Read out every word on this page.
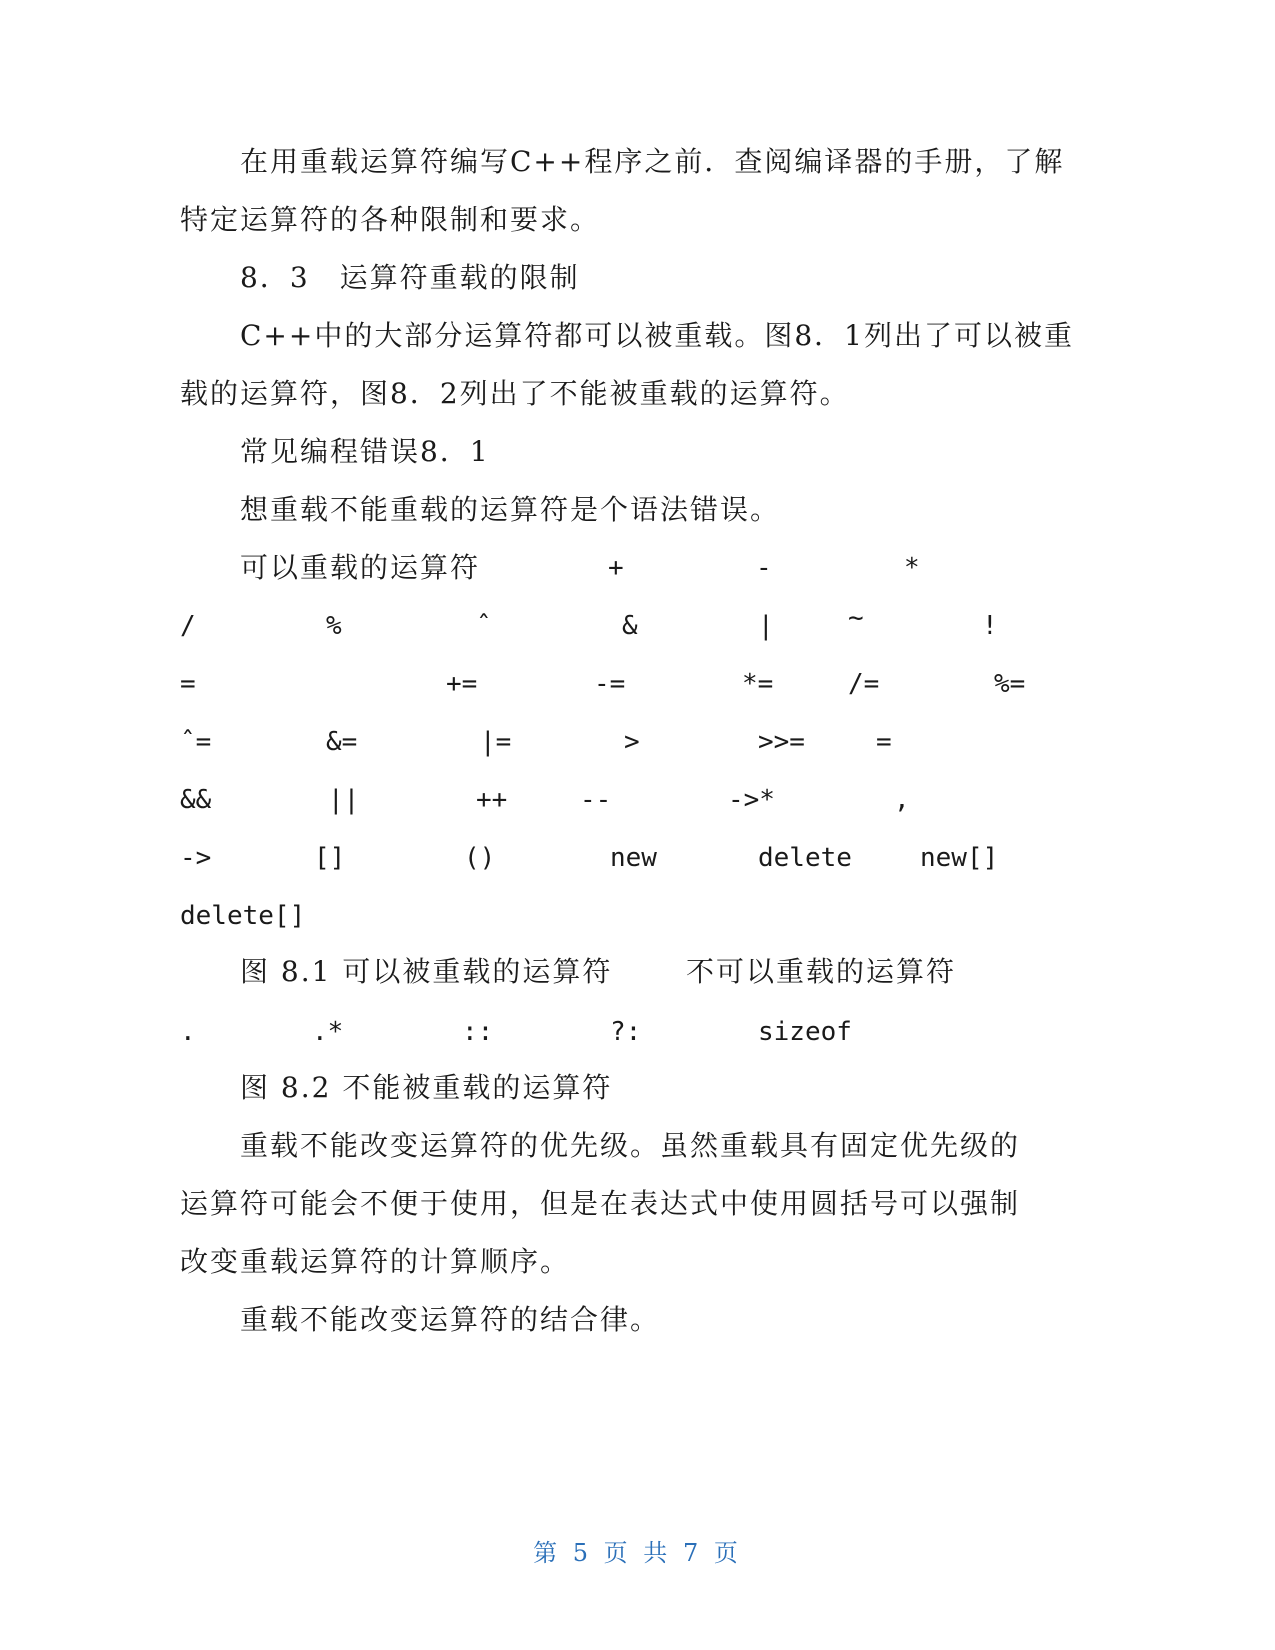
在用重载运算符编写C++程序之前．查阅编译器的手册，了解
特定运算符的各种限制和要求。
8．3　运算符重载的限制
C++中的大部分运算符都可以被重载。图8．1列出了可以被重
载的运算符，图8．2列出了不能被重载的运算符。
常见编程错误8．1
想重载不能重载的运算符是个语法错误。
可以重载的运算符	+	-	*
/	%	ˆ	&	|	~	!
=	+=	-=	*=	/=	%=
ˆ=	&=	|=	>	>>=	=
&&	||	++	--	->*	,
->	[]	()	new	delete	new[]
delete[]
图 8.1 可以被重载的运算符	不可以重载的运算符
.	.*	::	?:	sizeof
图 8.2 不能被重载的运算符
重载不能改变运算符的优先级。虽然重载具有固定优先级的
运算符可能会不便于使用，但是在表达式中使用圆括号可以强制
改变重载运算符的计算顺序。
重载不能改变运算符的结合律。
第 5 页 共 7 页
